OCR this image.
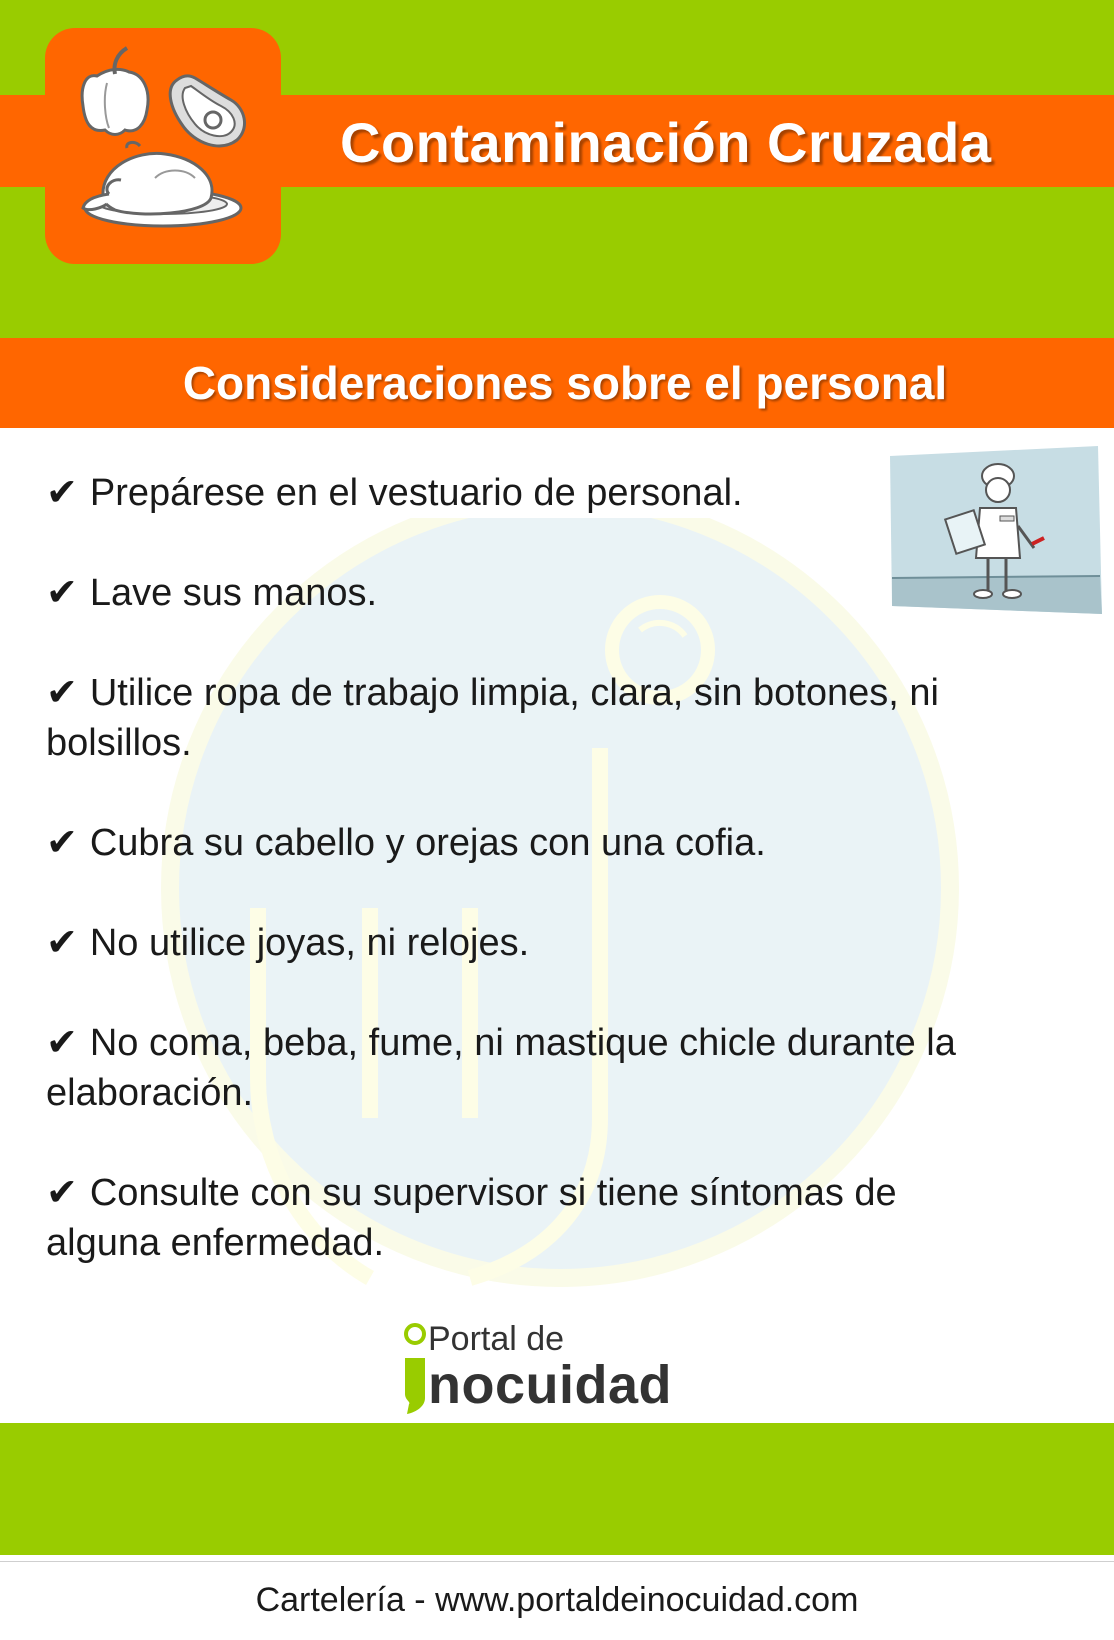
Contaminación Cruzada
Consideraciones sobre el personal
✔ Prepárese en el vestuario de personal.
✔ Lave sus manos.
✔ Utilice ropa de trabajo limpia, clara, sin botones, ni bolsillos.
✔ Cubra su cabello y orejas con una cofia.
✔ No utilice joyas, ni relojes.
✔ No coma, beba, fume, ni mastique chicle durante la elaboración.
✔ Consulte con su supervisor si tiene síntomas de alguna enfermedad.
Portal de
nocuidad
Cartelería - www.portaldeinocuidad.com
